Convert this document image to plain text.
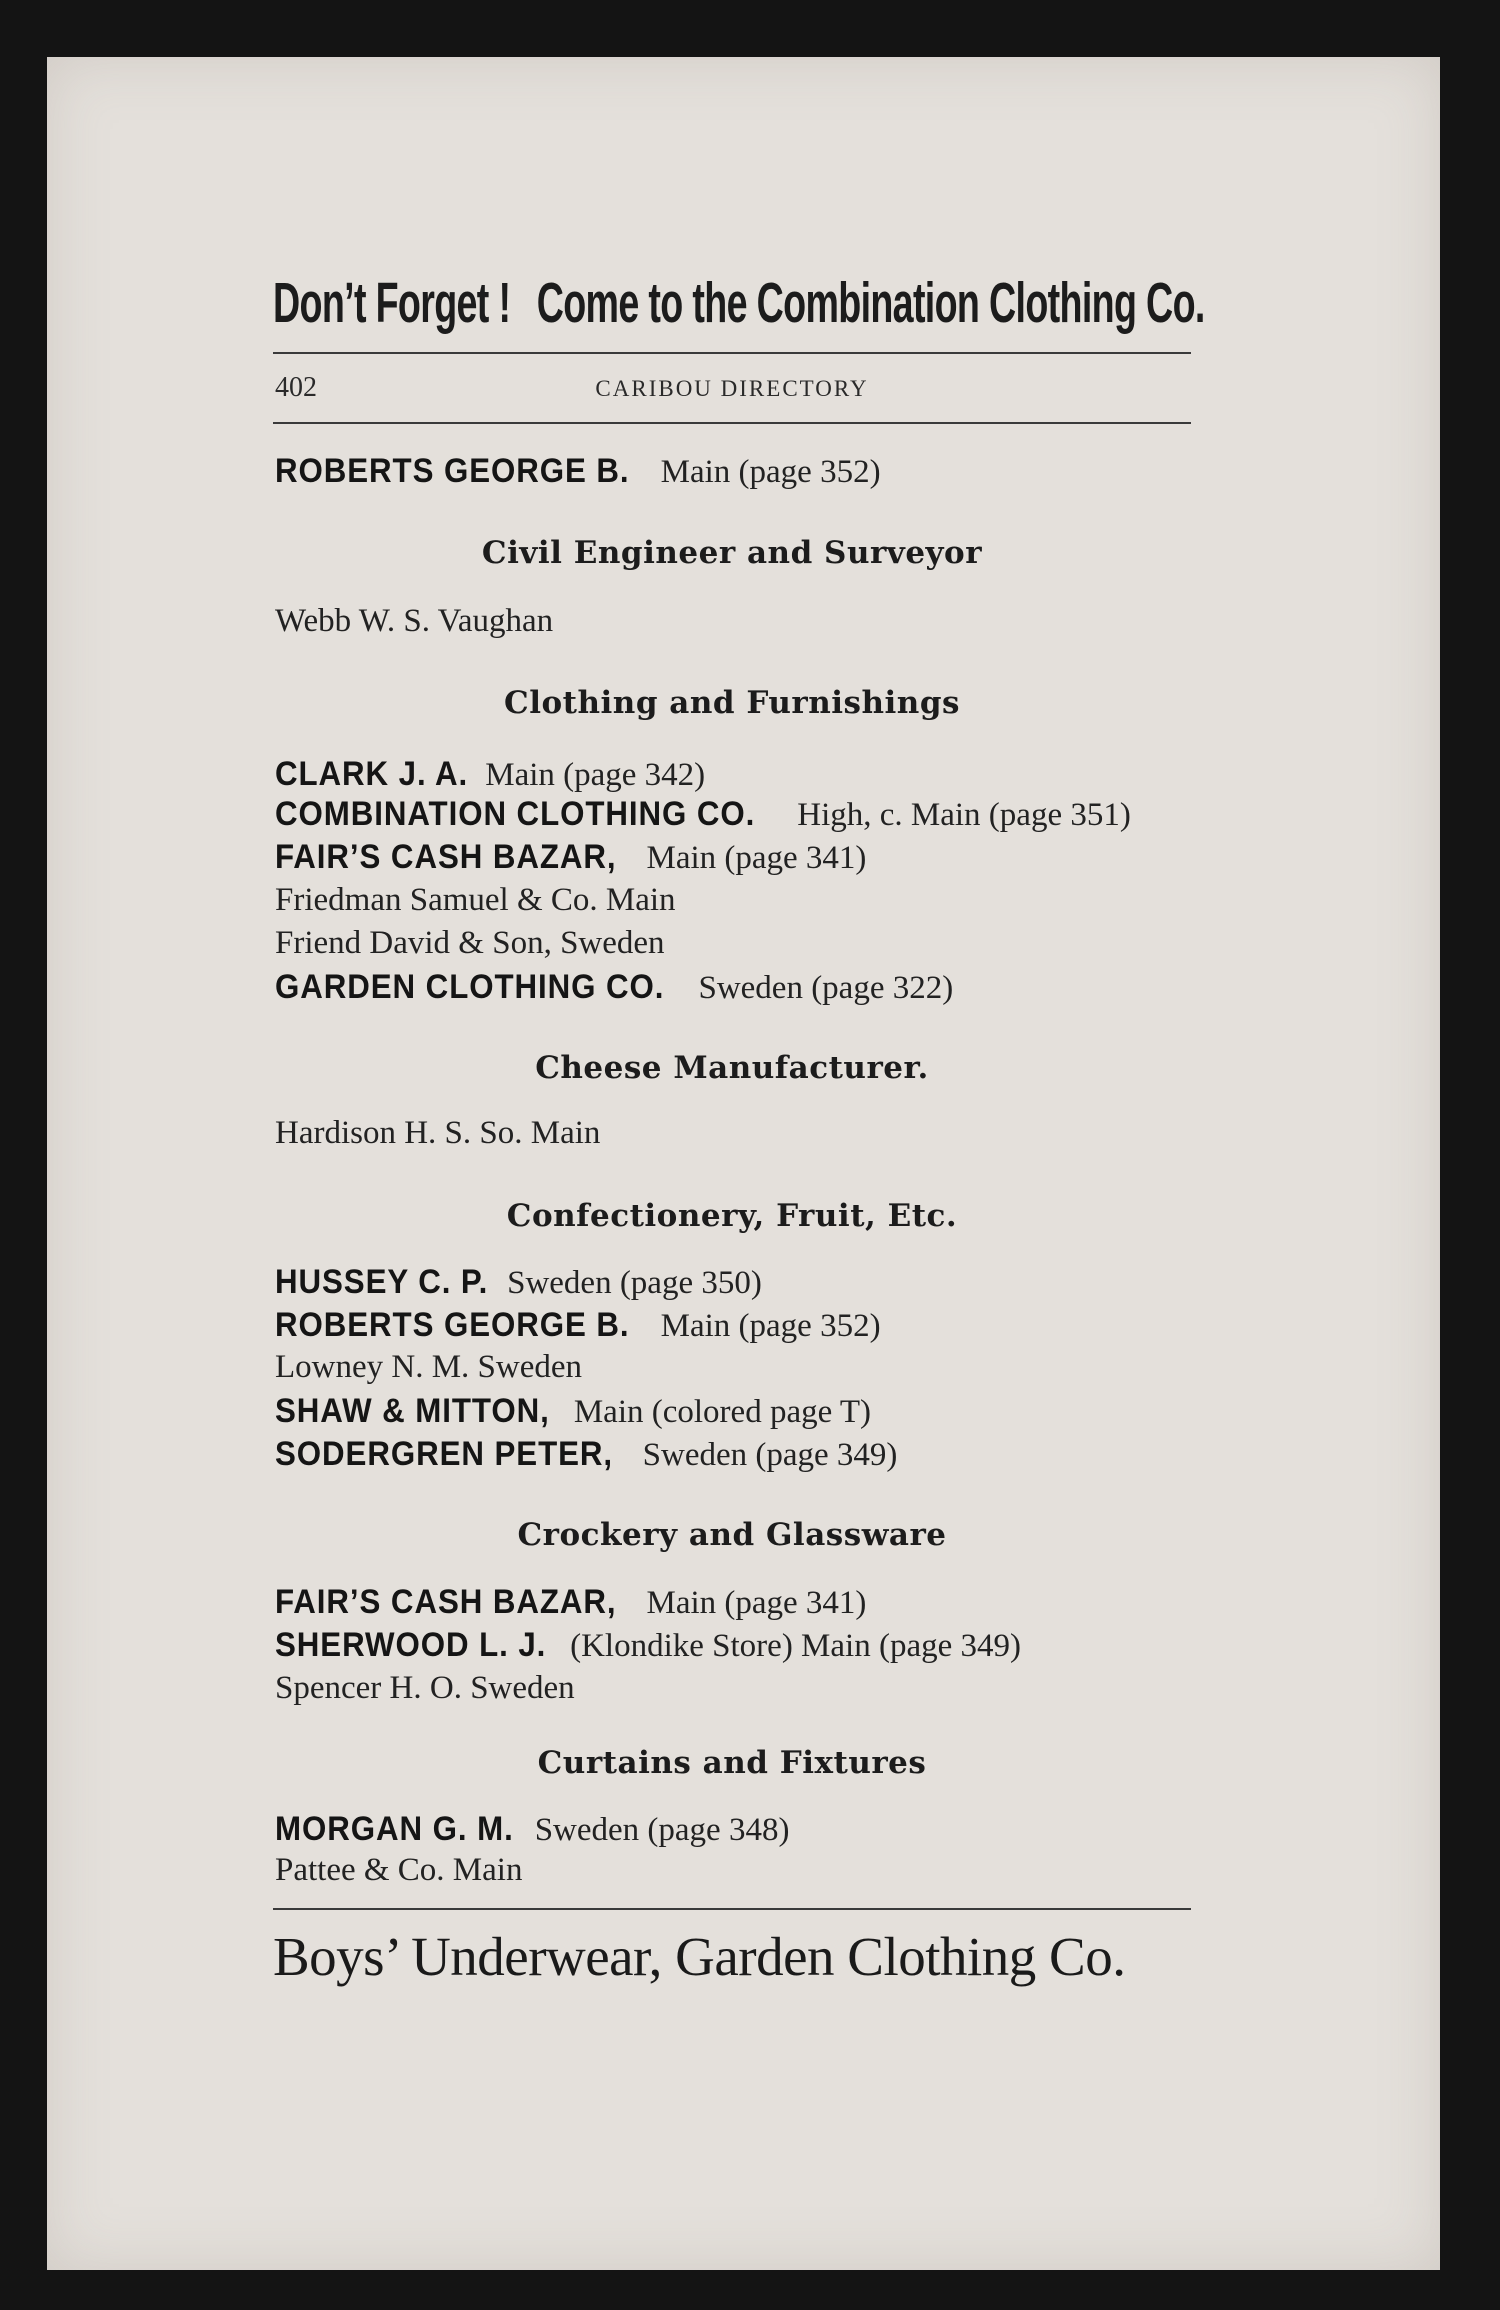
Don’t Forget ! Come to the Combination Clothing Co.
402	CARIBOU DIRECTORY
ROBERTS GEORGE B. Main (page 352)
Civil Engineer and Surveyor
Webb W. S. Vaughan
Clothing and Furnishings
CLARK J. A. Main (page 342)
COMBINATION CLOTHING CO. High, c. Main (page 351)
FAIR’S CASH BAZAR, Main (page 341)
Friedman Samuel & Co. Main
Friend David & Son, Sweden
GARDEN CLOTHING CO. Sweden (page 322)
Cheese Manufacturer.
Hardison H. S. So. Main
Confectionery, Fruit, Etc.
HUSSEY C. P. Sweden (page 350)
ROBERTS GEORGE B. Main (page 352)
Lowney N. M. Sweden
SHAW & MITTON, Main (colored page T)
SODERGREN PETER, Sweden (page 349)
Crockery and Glassware
FAIR’S CASH BAZAR, Main (page 341)
SHERWOOD L. J. (Klondike Store) Main (page 349)
Spencer H. O. Sweden
Curtains and Fixtures
MORGAN G. M. Sweden (page 348)
Pattee & Co. Main
Boys’ Underwear, Garden Clothing Co.
